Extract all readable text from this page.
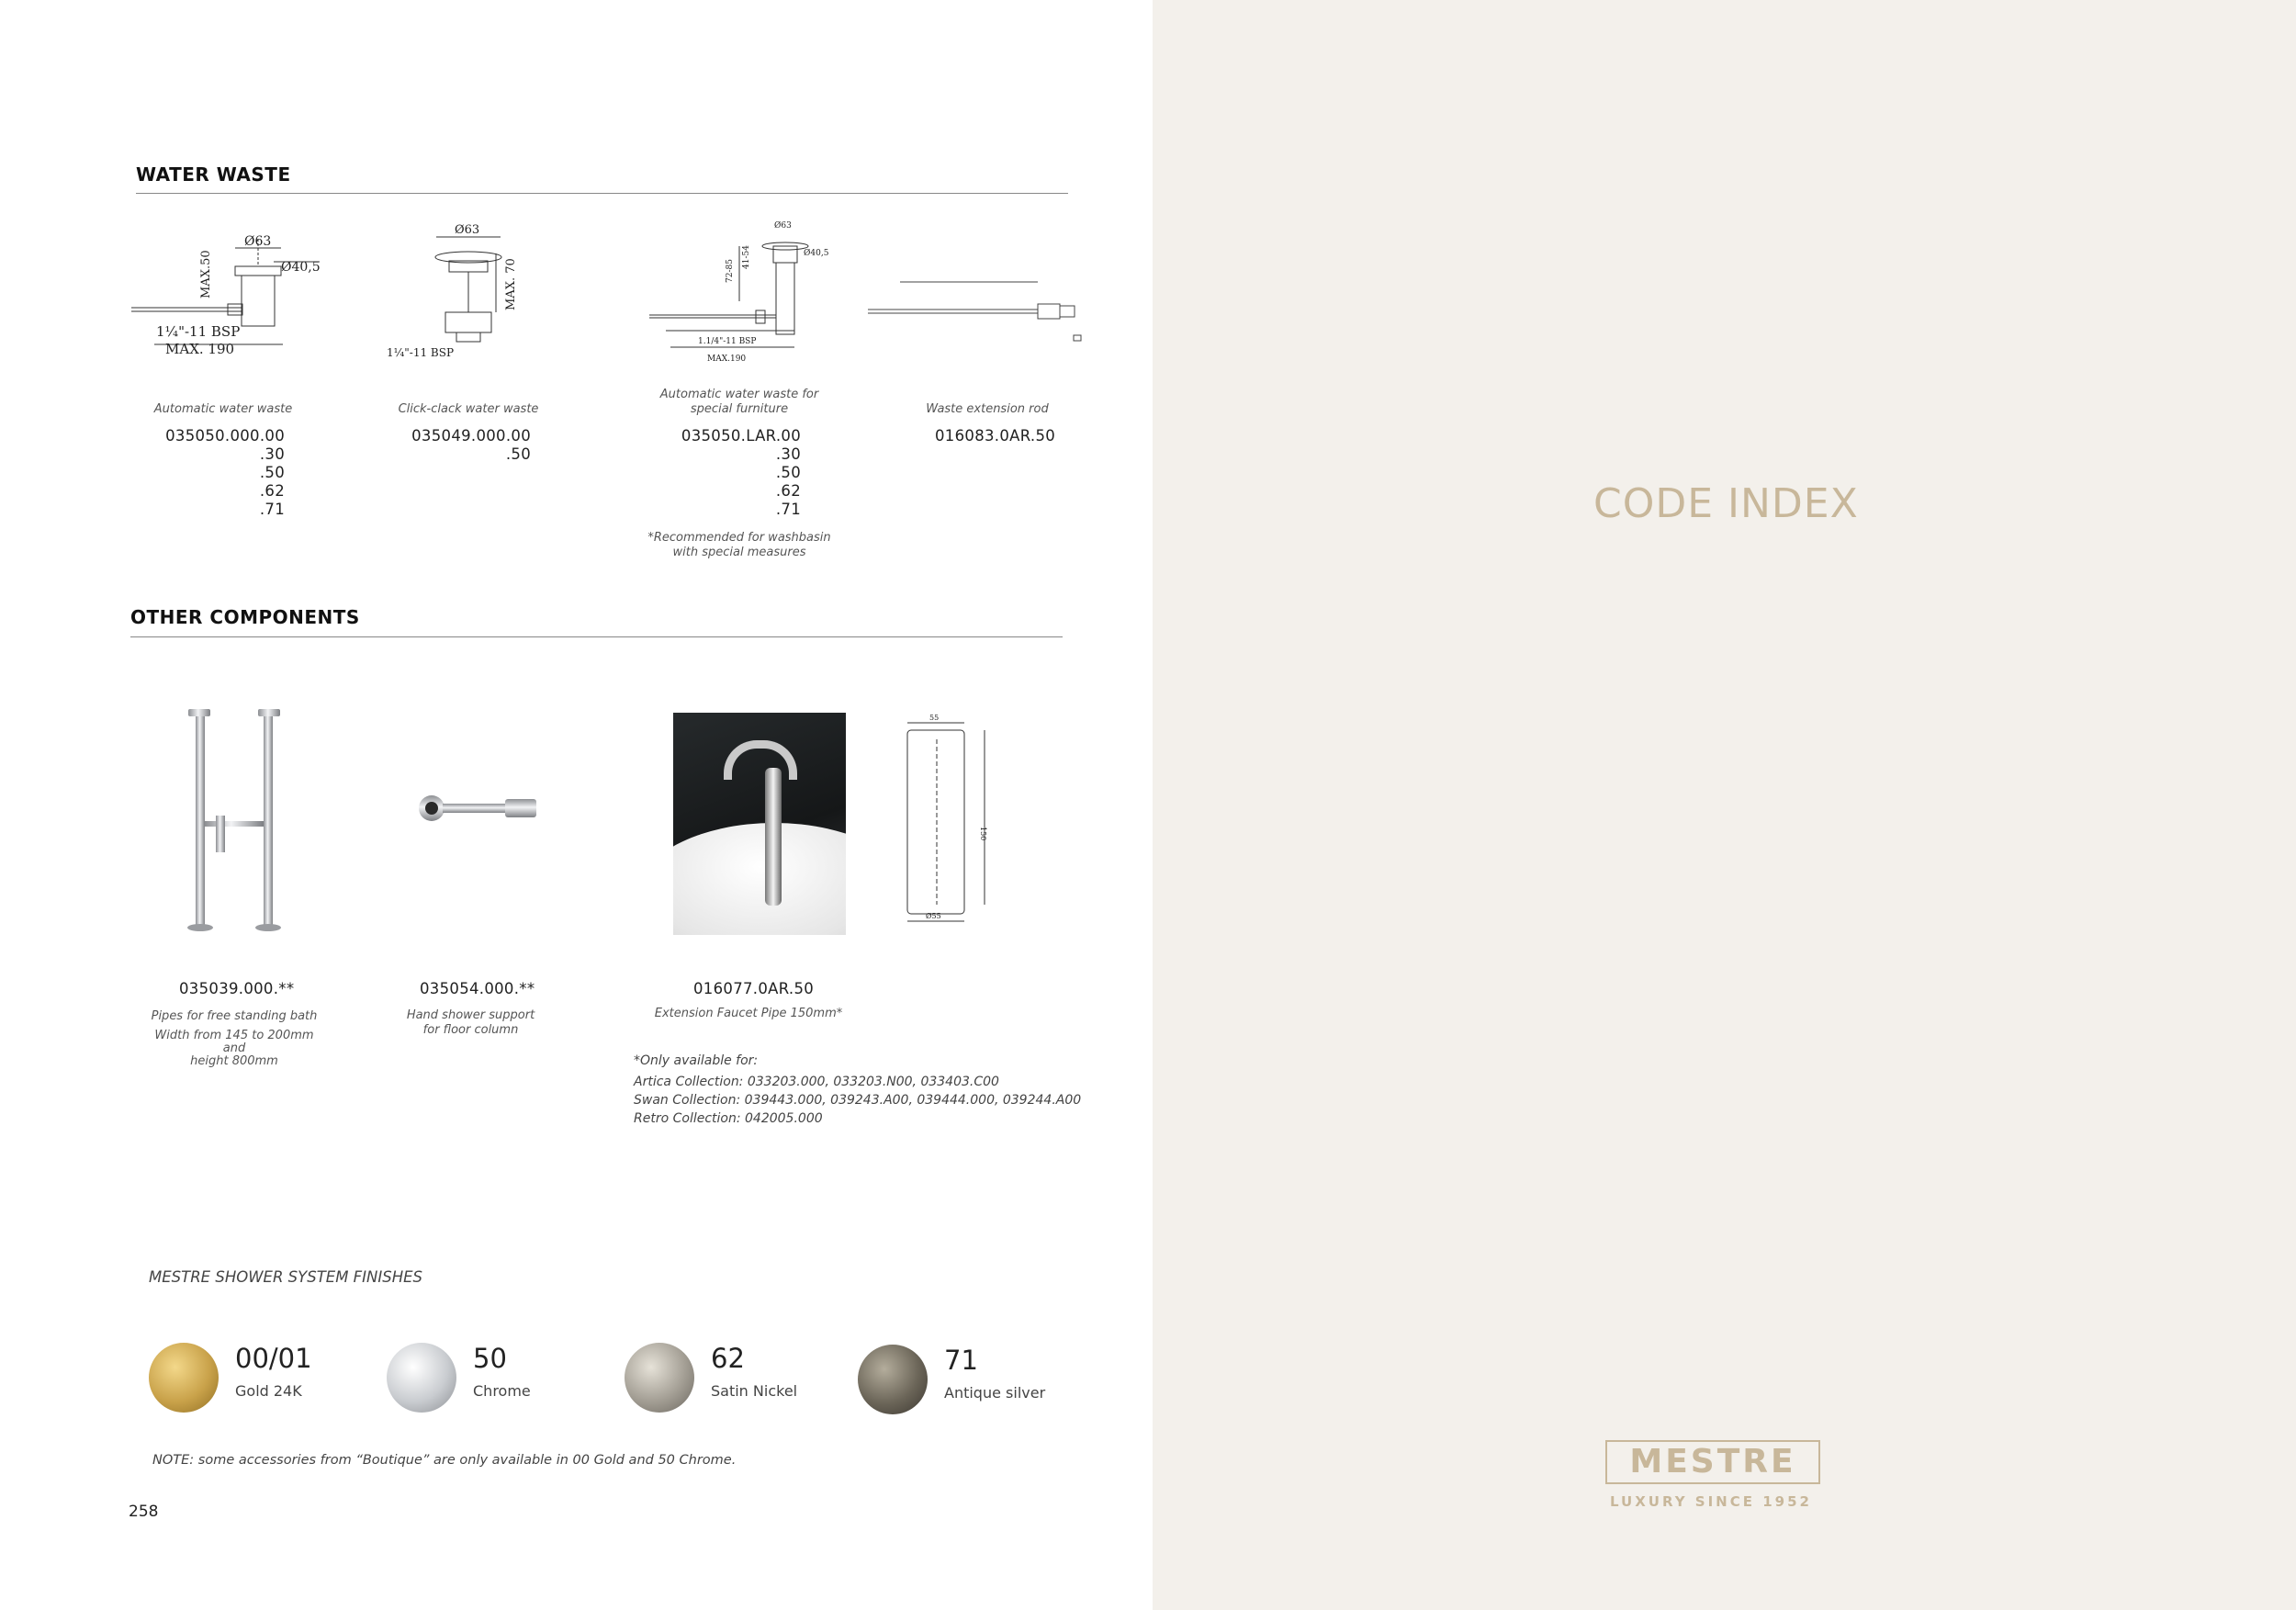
WATER WASTE
Ø63
Ø40,5
MAX.50
1¼"-11 BSP
MAX. 190
Ø63
MAX. 70
1¼"-11 BSP
Ø63
Ø40,5
72-85
41-54
1.1/4"-11 BSP
MAX.190
Automatic water waste	Click-clack water waste
Automatic water waste for
special furniture	Waste extension rod
035050.000.00
.30
.50
.62
.71
035049.000.00
.50
035050.LAR.00
.30
.50
.62
.71
016083.0AR.50
*Recommended for washbasin
with special measures
OTHER COMPONENTS
55
150
Ø55
035039.000.**	035054.000.**	016077.0AR.50
Pipes for free standing bath
Width from 145 to 200mm and
height 800mm
Hand shower support
for floor column
Extension Faucet Pipe 150mm*
*Only available for:
Artica Collection: 033203.000, 033203.N00, 033403.C00
Swan Collection: 039443.000, 039243.A00, 039444.000, 039244.A00
Retro Collection: 042005.000
MESTRE SHOWER SYSTEM FINISHES
00/01
Gold 24K
50
Chrome
62
Satin Nickel
71
Antique silver
NOTE: some accessories from “Boutique” are only available in 00 Gold and 50 Chrome.
258
CODE INDEX
MESTRE
LUXURY SINCE 1952
